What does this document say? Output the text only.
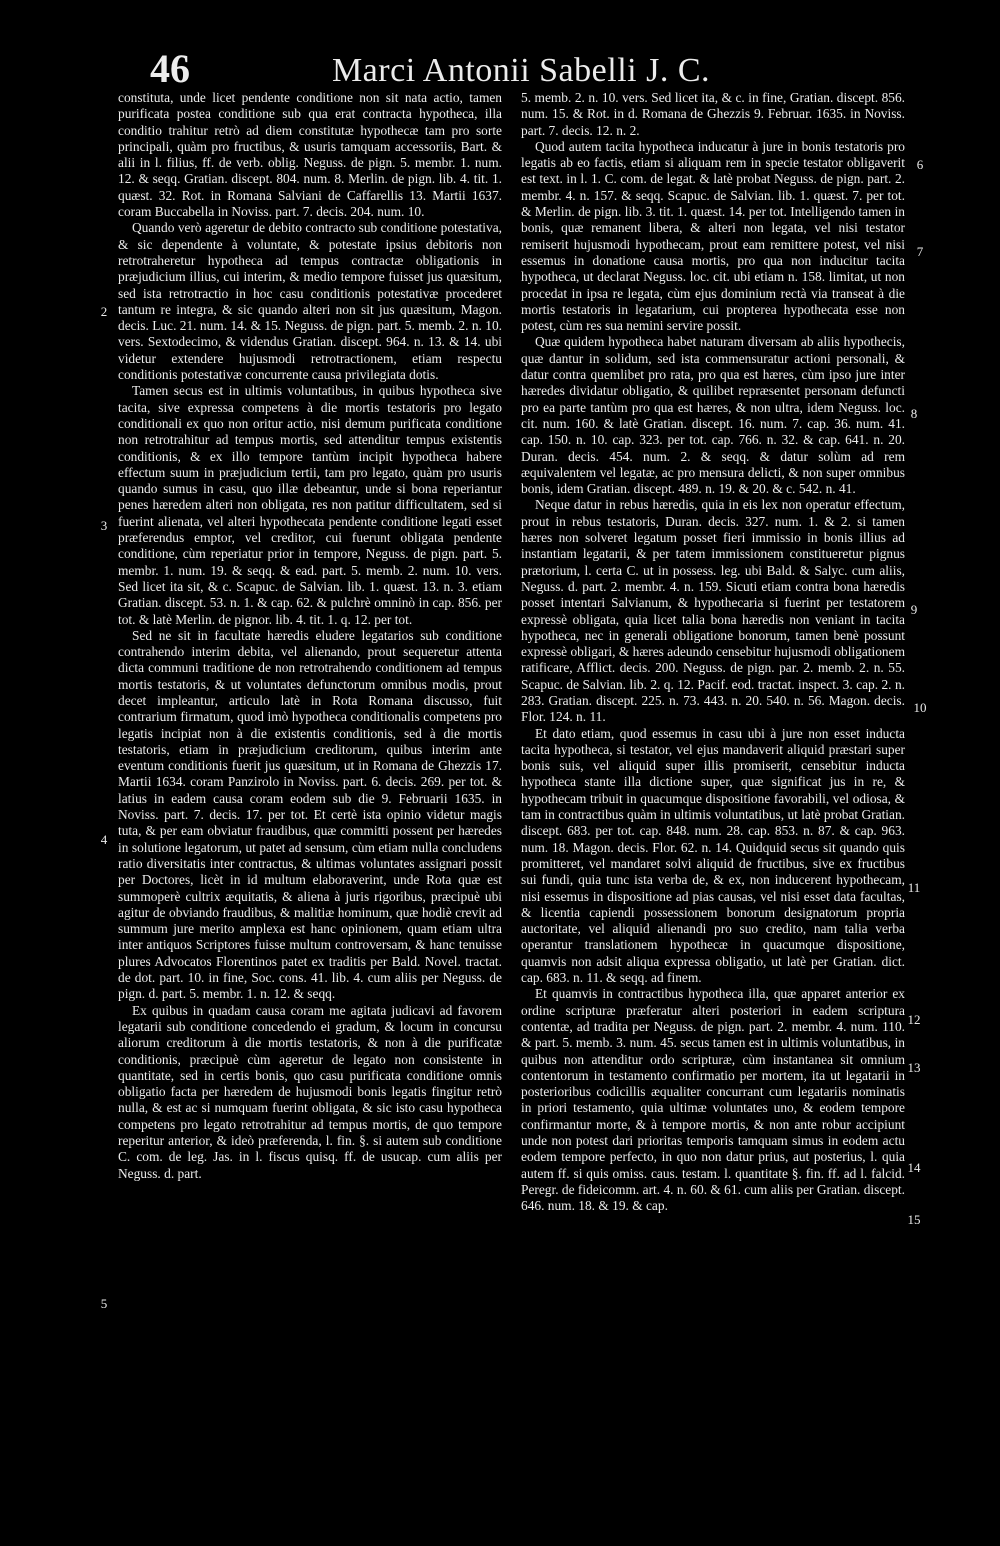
46	Marci Antonii Sabelli J. C.
2
3
4
5
6
7
8
9
10
11
12
13
14
15

constituta, unde licet pendente conditione non sit nata actio, tamen purificata postea conditione sub qua erat contracta hypotheca, illa conditio trahitur retrò ad diem constitutæ hypothecæ tam pro sorte principali, quàm pro fructibus, & usuris tamquam accessoriis, Bart. & alii in l. filius, ff. de verb. oblig. Neguss. de pign. 5. membr. 1. num. 12. & seqq. Gratian. discept. 804. num. 8. Merlin. de pign. lib. 4. tit. 1. quæst. 32. Rot. in Romana Salviani de Caffarellis 13. Martii 1637. coram Buccabella in Noviss. part. 7. decis. 204. num. 10.

Quando verò ageretur de debito contracto sub conditione potestativa, & sic dependente à voluntate, & potestate ipsius debitoris non retrotraheretur hypotheca ad tempus contractæ obligationis in præjudicium illius, cui interim, & medio tempore fuisset jus quæsitum, sed ista retrotractio in hoc casu conditionis potestativæ procederet tantum re integra, & sic quando alteri non sit jus quæsitum, Magon. decis. Luc. 21. num. 14. & 15. Neguss. de pign. part. 5. memb. 2. n. 10. vers. Sextodecimo, & videndus Gratian. discept. 964. n. 13. & 14. ubi videtur extendere hujusmodi retrotractionem, etiam respectu conditionis potestativæ concurrente causa privilegiata dotis.

Tamen secus est in ultimis voluntatibus, in quibus hypotheca sive tacita, sive expressa competens à die mortis testatoris pro legato conditionali ex quo non oritur actio, nisi demum purificata conditione non retrotrahitur ad tempus mortis, sed attenditur tempus existentis conditionis, & ex illo tempore tantùm incipit hypotheca habere effectum suum in præjudicium tertii, tam pro legato, quàm pro usuris quando sumus in casu, quo illæ debeantur, unde si bona reperiantur penes hæredem alteri non obligata, res non patitur difficultatem, sed si fuerint alienata, vel alteri hypothecata pendente conditione legati esset præferendus emptor, vel creditor, cui fuerunt obligata pendente conditione, cùm reperiatur prior in tempore, Neguss. de pign. part. 5. membr. 1. num. 19. & seqq. & ead. part. 5. memb. 2. num. 10. vers. Sed licet ita sit, & c. Scapuc. de Salvian. lib. 1. quæst. 13. n. 3. etiam Gratian. discept. 53. n. 1. & cap. 62. & pulchrè omninò in cap. 856. per tot. & latè Merlin. de pignor. lib. 4. tit. 1. q. 12. per tot.

Sed ne sit in facultate hæredis eludere legatarios sub conditione contrahendo interim debita, vel alienando, prout sequeretur attenta dicta communi traditione de non retrotrahendo conditionem ad tempus mortis testatoris, & ut voluntates defunctorum omnibus modis, prout decet impleantur, articulo latè in Rota Romana discusso, fuit contrarium firmatum, quod imò hypotheca conditionalis competens pro legatis incipiat non à die existentis conditionis, sed à die mortis testatoris, etiam in præjudicium creditorum, quibus interim ante eventum conditionis fuerit jus quæsitum, ut in Romana de Ghezzis 17. Martii 1634. coram Panzirolo in Noviss. part. 6. decis. 269. per tot. & latius in eadem causa coram eodem sub die 9. Februarii 1635. in Noviss. part. 7. decis. 17. per tot. Et certè ista opinio videtur magis tuta, & per eam obviatur fraudibus, quæ committi possent per hæredes in solutione legatorum, ut patet ad sensum, cùm etiam nulla concludens ratio diversitatis inter contractus, & ultimas voluntates assignari possit per Doctores, licèt in id multum elaboraverint, unde Rota quæ est summoperè cultrix æquitatis, & aliena à juris rigoribus, præcipuè ubi agitur de obviando fraudibus, & malitiæ hominum, quæ hodiè crevit ad summum jure merito amplexa est hanc opinionem, quam etiam ultra inter antiquos Scriptores fuisse multum controversam, & hanc tenuisse plures Advocatos Florentinos patet ex traditis per Bald. Novel. tractat. de dot. part. 10. in fine, Soc. cons. 41. lib. 4. cum aliis per Neguss. de pign. d. part. 5. membr. 1. n. 12. & seqq.

Ex quibus in quadam causa coram me agitata judicavi ad favorem legatarii sub conditione concedendo ei gradum, & locum in concursu aliorum creditorum à die mortis testatoris, & non à die purificatæ conditionis, præcipuè cùm ageretur de legato non consistente in quantitate, sed in certis bonis, quo casu purificata conditione omnis obligatio facta per hæredem de hujusmodi bonis legatis fingitur retrò nulla, & est ac si numquam fuerint obligata, & sic isto casu hypotheca competens pro legato retrotrahitur ad tempus mortis, de quo tempore reperitur anterior, & ideò præferenda, l. fin. §. si autem sub conditione C. com. de leg. Jas. in l. fiscus quisq. ff. de usucap. cum aliis per Neguss. d. part.

5. memb. 2. n. 10. vers. Sed licet ita, & c. in fine, Gratian. discept. 856. num. 15. & Rot. in d. Romana de Ghezzis 9. Februar. 1635. in Noviss. part. 7. decis. 12. n. 2.

Quod autem tacita hypotheca inducatur à jure in bonis testatoris pro legatis ab eo factis, etiam si aliquam rem in specie testator obligaverit est text. in l. 1. C. com. de legat. & latè probat Neguss. de pign. part. 2. membr. 4. n. 157. & seqq. Scapuc. de Salvian. lib. 1. quæst. 7. per tot. & Merlin. de pign. lib. 3. tit. 1. quæst. 14. per tot. Intelligendo tamen in bonis, quæ remanent libera, & alteri non legata, vel nisi testator remiserit hujusmodi hypothecam, prout eam remittere potest, vel nisi essemus in donatione causa mortis, pro qua non inducitur tacita hypotheca, ut declarat Neguss. loc. cit. ubi etiam n. 158. limitat, ut non procedat in ipsa re legata, cùm ejus dominium rectà via transeat à die mortis testatoris in legatarium, cui propterea hypothecata esse non potest, cùm res sua nemini servire possit.

Quæ quidem hypotheca habet naturam diversam ab aliis hypothecis, quæ dantur in solidum, sed ista commensuratur actioni personali, & datur contra quemlibet pro rata, pro qua est hæres, cùm ipso jure inter hæredes dividatur obligatio, & quilibet repræsentet personam defuncti pro ea parte tantùm pro qua est hæres, & non ultra, idem Neguss. loc. cit. num. 160. & latè Gratian. discept. 16. num. 7. cap. 36. num. 41. cap. 150. n. 10. cap. 323. per tot. cap. 766. n. 32. & cap. 641. n. 20. Duran. decis. 454. num. 2. & seqq. & datur solùm ad rem æquivalentem vel legatæ, ac pro mensura delicti, & non super omnibus bonis, idem Gratian. discept. 489. n. 19. & 20. & c. 542. n. 41.

Neque datur in rebus hæredis, quia in eis lex non operatur effectum, prout in rebus testatoris, Duran. decis. 327. num. 1. & 2. si tamen hæres non solveret legatum posset fieri immissio in bonis illius ad instantiam legatarii, & per tatem immissionem constitueretur pignus prætorium, l. certa C. ut in possess. leg. ubi Bald. & Salyc. cum aliis, Neguss. d. part. 2. membr. 4. n. 159. Sicuti etiam contra bona hæredis posset intentari Salvianum, & hypothecaria si fuerint per testatorem expressè obligata, quia licet talia bona hæredis non veniant in tacita hypotheca, nec in generali obligatione bonorum, tamen benè possunt expressè obligari, & hæres adeundo censebitur hujusmodi obligationem ratificare, Afflict. decis. 200. Neguss. de pign. par. 2. memb. 2. n. 55. Scapuc. de Salvian. lib. 2. q. 12. Pacif. eod. tractat. inspect. 3. cap. 2. n. 283. Gratian. discept. 225. n. 73. 443. n. 20. 540. n. 56. Magon. decis. Flor. 124. n. 11.

Et dato etiam, quod essemus in casu ubi à jure non esset inducta tacita hypotheca, si testator, vel ejus mandaverit aliquid præstari super bonis suis, vel aliquid super illis promiserit, censebitur inducta hypotheca stante illa dictione super, quæ significat jus in re, & hypothecam tribuit in quacumque dispositione favorabili, vel odiosa, & tam in contractibus quàm in ultimis voluntatibus, ut latè probat Gratian. discept. 683. per tot. cap. 848. num. 28. cap. 853. n. 87. & cap. 963. num. 18. Magon. decis. Flor. 62. n. 14. Quidquid secus sit quando quis promitteret, vel mandaret solvi aliquid de fructibus, sive ex fructibus sui fundi, quia tunc ista verba de, & ex, non inducerent hypothecam, nisi essemus in dispositione ad pias causas, vel nisi esset data facultas, & licentia capiendi possessionem bonorum designatorum propria auctoritate, vel aliquid alienandi pro suo credito, nam talia verba operantur translationem hypothecæ in quacumque dispositione, quamvis non adsit aliqua expressa obligatio, ut latè per Gratian. dict. cap. 683. n. 11. & seqq. ad finem.

Et quamvis in contractibus hypotheca illa, quæ apparet anterior ex ordine scripturæ præferatur alteri posteriori in eadem scriptura contentæ, ad tradita per Neguss. de pign. part. 2. membr. 4. num. 110. & part. 5. memb. 3. num. 45. secus tamen est in ultimis voluntatibus, in quibus non attenditur ordo scripturæ, cùm instantanea sit omnium contentorum in testamento confirmatio per mortem, ita ut legatarii in posterioribus codicillis æqualiter concurrant cum legatariis nominatis in priori testamento, quia ultimæ voluntates uno, & eodem tempore confirmantur morte, & à tempore mortis, & non ante robur accipiunt unde non potest dari prioritas temporis tamquam simus in eodem actu eodem tempore perfecto, in quo non datur prius, aut posterius, l. quia autem ff. si quis omiss. caus. testam. l. quantitate §. fin. ff. ad l. falcid. Peregr. de fideicomm. art. 4. n. 60. & 61. cum aliis per Gratian. discept. 646. num. 18. & 19. & cap.
